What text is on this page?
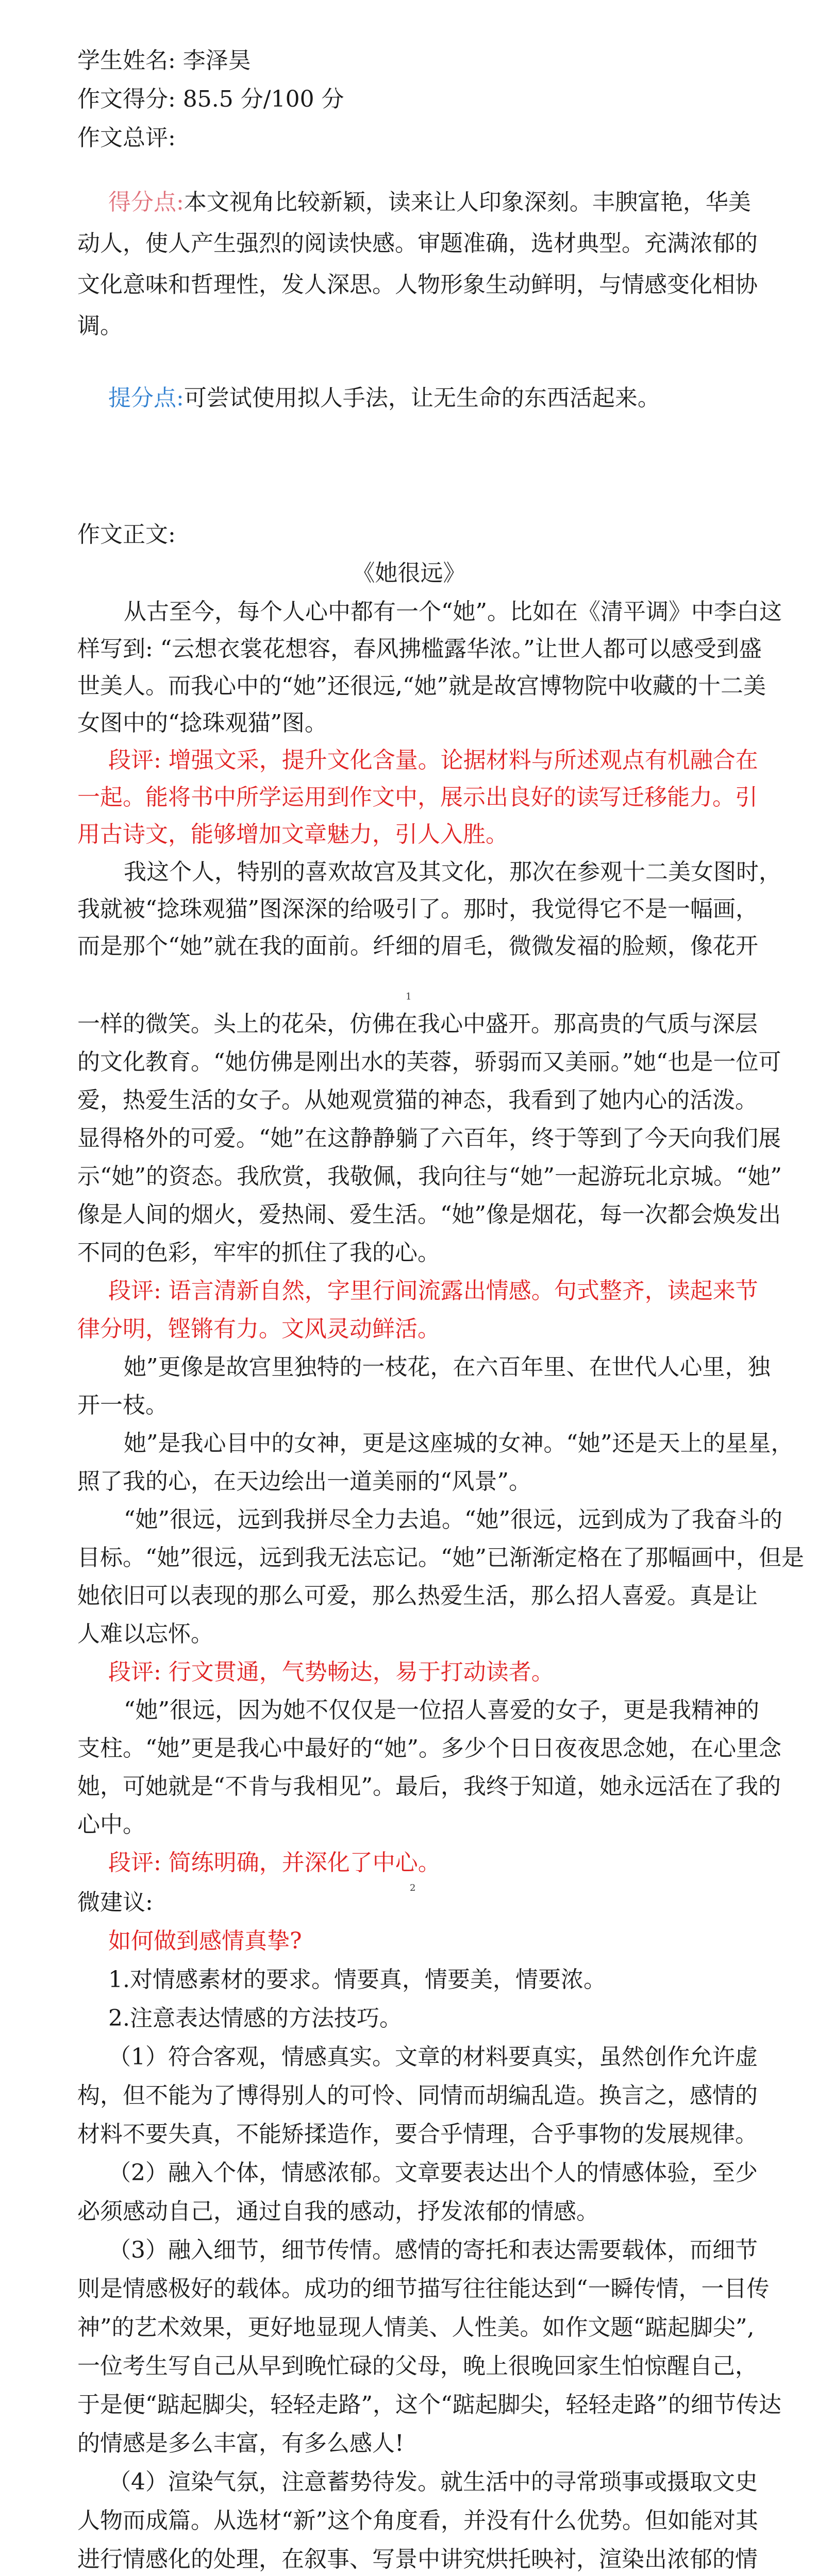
学生姓名: 李泽昊
作文得分: 85.5 分/100 分
作文总评:
得分点:本文视角比较新颖，读来让人印象深刻。丰腴富艳，华美
动人，使人产生强烈的阅读快感。审题准确，选材典型。充满浓郁的
文化意味和哲理性，发人深思。人物形象生动鲜明，与情感变化相协
调。
提分点:可尝试使用拟人手法，让无生命的东西活起来。
作文正文:
《她很远》
从古至今，每个人心中都有一个“她”。比如在《清平调》中李白这
样写到: “云想衣裳花想容，春风拂槛露华浓。”让世人都可以感受到盛
世美人。而我心中的“她”还很远,“她”就是故宫博物院中收藏的十二美
女图中的“捻珠观猫”图。
段评: 增强文采，提升文化含量。论据材料与所述观点有机融合在
一起。能将书中所学运用到作文中，展示出良好的读写迁移能力。引
用古诗文，能够增加文章魅力，引人入胜。
我这个人，特别的喜欢故宫及其文化，那次在参观十二美女图时，
我就被“捻珠观猫”图深深的给吸引了。那时，我觉得它不是一幅画，
而是那个“她”就在我的面前。纤细的眉毛，微微发福的脸颊，像花开
1
一样的微笑。头上的花朵，仿佛在我心中盛开。那高贵的气质与深层
的文化教育。“她仿佛是刚出水的芙蓉，骄弱而又美丽。”她“也是一位可
爱，热爱生活的女子。从她观赏猫的神态，我看到了她内心的活泼。
显得格外的可爱。“她”在这静静躺了六百年，终于等到了今天向我们展
示“她”的资态。我欣赏，我敬佩，我向往与“她”一起游玩北京城。“她”
像是人间的烟火，爱热闹、爱生活。“她”像是烟花，每一次都会焕发出
不同的色彩，牢牢的抓住了我的心。
段评: 语言清新自然，字里行间流露出情感。句式整齐，读起来节
律分明，铿锵有力。文风灵动鲜活。
她”更像是故宫里独特的一枝花，在六百年里、在世代人心里，独
开一枝。
她”是我心目中的女神，更是这座城的女神。“她”还是天上的星星，
照了我的心，在天边绘出一道美丽的“风景”。
“她”很远，远到我拼尽全力去追。“她”很远，远到成为了我奋斗的
目标。“她”很远，远到我无法忘记。“她”已渐渐定格在了那幅画中，但是
她依旧可以表现的那么可爱，那么热爱生活，那么招人喜爱。真是让
人难以忘怀。
段评: 行文贯通，气势畅达，易于打动读者。
“她”很远，因为她不仅仅是一位招人喜爱的女子，更是我精神的
支柱。“她”更是我心中最好的“她”。多少个日日夜夜思念她，在心里念
她，可她就是“不肯与我相见”。最后，我终于知道，她永远活在了我的
心中。
段评: 简练明确，并深化了中心。
2
微建议:
如何做到感情真挚?
1.对情感素材的要求。情要真，情要美，情要浓。
2.注意表达情感的方法技巧。
（1）符合客观，情感真实。文章的材料要真实，虽然创作允许虚
构，但不能为了博得别人的可怜、同情而胡编乱造。换言之，感情的
材料不要失真，不能矫揉造作，要合乎情理，合乎事物的发展规律。
（2）融入个体，情感浓郁。文章要表达出个人的情感体验，至少
必须感动自己，通过自我的感动，抒发浓郁的情感。
（3）融入细节，细节传情。感情的寄托和表达需要载体，而细节
则是情感极好的载体。成功的细节描写往往能达到“一瞬传情，一目传
神”的艺术效果，更好地显现人情美、人性美。如作文题“踮起脚尖”,
一位考生写自己从早到晚忙碌的父母，晚上很晚回家生怕惊醒自己，
于是便“踮起脚尖，轻轻走路”，这个“踮起脚尖，轻轻走路”的细节传达
的情感是多么丰富，有多么感人!
（4）渲染气氛，注意蓄势待发。就生活中的寻常琐事或摄取文史
人物而成篇。从选材“新”这个角度看，并没有什么优势。但如能对其
进行情感化的处理，在叙事、写景中讲究烘托映衬，渲染出浓郁的情
